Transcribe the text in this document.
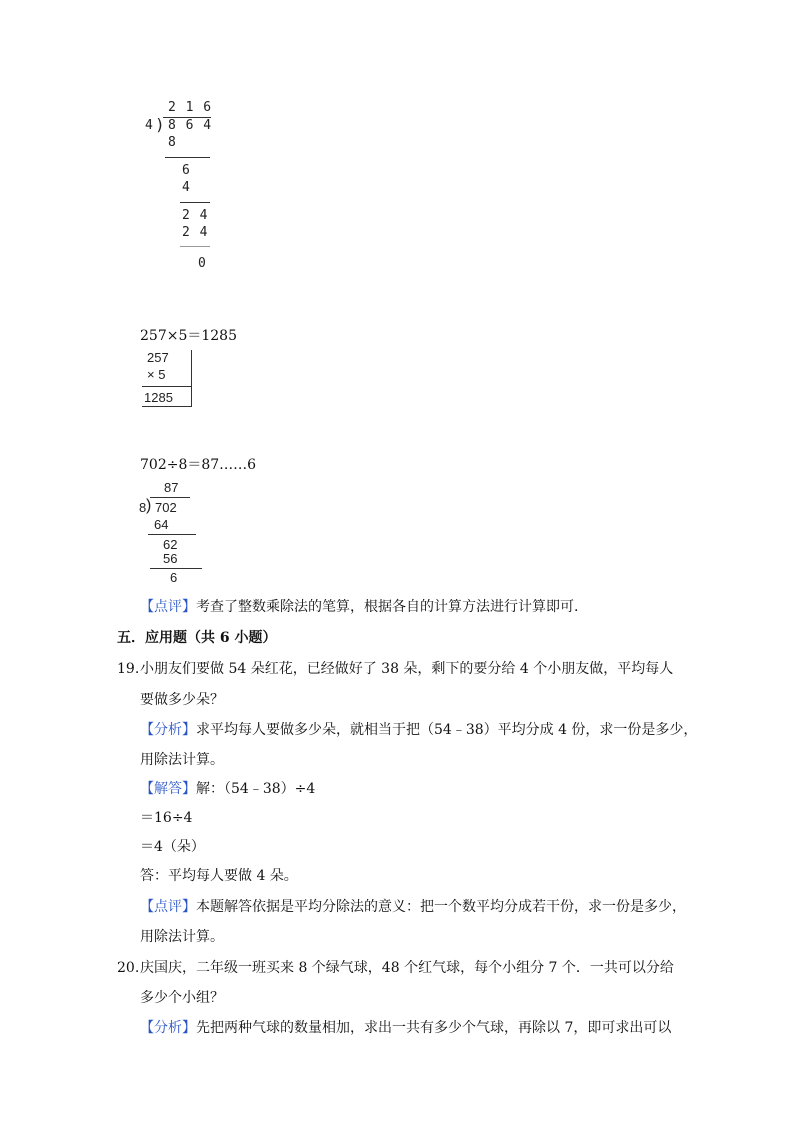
2 1 6
4 ) 8 6 4
8
6
4
2 4
2 4
0
257×5＝1285
257
× 5
1285
702÷8＝87……6
87
8 ) 702
64
62
56
6
【点评】考查了整数乘除法的笔算，根据各自的计算方法进行计算即可.
五．应用题（共 6 小题）
19. 小朋友们要做 54 朵红花，已经做好了 38 朵，剩下的要分给 4 个小朋友做，平均每人
要做多少朵？
【分析】求平均每人要做多少朵，就相当于把（54﹣38）平均分成 4 份，求一份是多少，
用除法计算。
【解答】解：（54﹣38）÷4
＝16÷4
＝4（朵）
答：平均每人要做 4 朵。
【点评】本题解答依据是平均分除法的意义：把一个数平均分成若干份，求一份是多少，
用除法计算。
20. 庆国庆，二年级一班买来 8 个绿气球，48 个红气球，每个小组分 7 个．一共可以分给
多少个小组？
【分析】先把两种气球的数量相加，求出一共有多少个气球，再除以 7，即可求出可以
